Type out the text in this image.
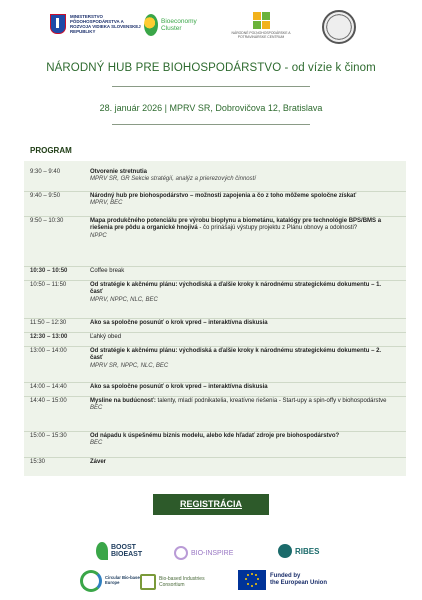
MINISTERSTVO PÔDOHOSPODÁRSTVA A ROZVOJA VIDIEKA SLOVENSKEJ REPUBLIKY
Bioeconomy
Cluster
NÁRODNÉ POĽNOHOSPODÁRSKE A POTRAVINÁRSKE CENTRUM
NÁRODNÝ HUB PRE BIOHOSPODÁRSTVO - od vízie k činom
28. január 2026 | MPRV SR, Dobrovičova 12, Bratislava
PROGRAM
9:30 – 9:40	Otvorenie stretnutia
MPRV SR, GR Sekcie stratégií, analýz a prierezových činností
9:40 – 9:50	Národný hub pre biohospodárstvo – možnosti zapojenia a čo z toho môžeme spoločne získať
MPRV, BEC
9:50 – 10:30	Mapa produkčného potenciálu pre výrobu bioplynu a biometánu, katalógy pre technológie BPS/BMS a riešenia pre pôdu a organické hnojivá - čo prinášajú výstupy projektu z Plánu obnovy a odolnosti?
NPPC
10:30 – 10:50	Coffee break
10:50 – 11:50	Od stratégie k akčnému plánu: východiská a ďalšie kroky k národnému strategickému dokumentu – 1. časť
MPRV, NPPC, NLC, BEC
11:50 – 12:30	Ako sa spoločne posunúť o krok vpred – interaktívna diskusia
12:30 – 13:00	Ľahký obed
13:00 – 14:00	Od stratégie k akčnému plánu: východiská a ďalšie kroky k národnému strategickému dokumentu – 2. časť
MPRV SR, NPPC, NLC, BEC
14:00 – 14:40	Ako sa spoločne posunúť o krok vpred – interaktívna diskusia
14:40 – 15:00	Mysline na budúcnosť: talenty, mladí podnikatelia, kreatívne riešenia - Start-upy a spin-offy v biohospodárstve
BEC
15:00 – 15:30	Od nápadu k úspešnému biznis modelu, alebo kde hľadať zdroje pre biohospodárstvo?
BEC
15:30	Záver
REGISTRÁCIA
BOOST BIOEAST	BIO-INSPIRE	RIBES
Circular Bio-based Europe
Bio-based Industries
Consortium
Funded by
the European Union
